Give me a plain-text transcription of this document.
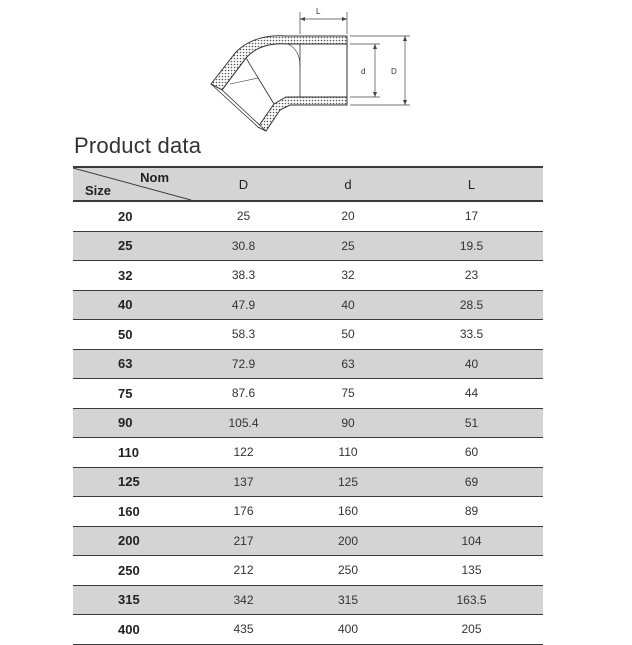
L
d	D
Product data
Nom
Size	D	d	L
20	25	20	17
25	30.8	25	19.5
32	38.3	32	23
40	47.9	40	28.5
50	58.3	50	33.5
63	72.9	63	40
75	87.6	75	44
90	105.4	90	51
110	122	110	60
125	137	125	69
160	176	160	89
200	217	200	104
250	212	250	135
315	342	315	163.5
400	435	400	205
